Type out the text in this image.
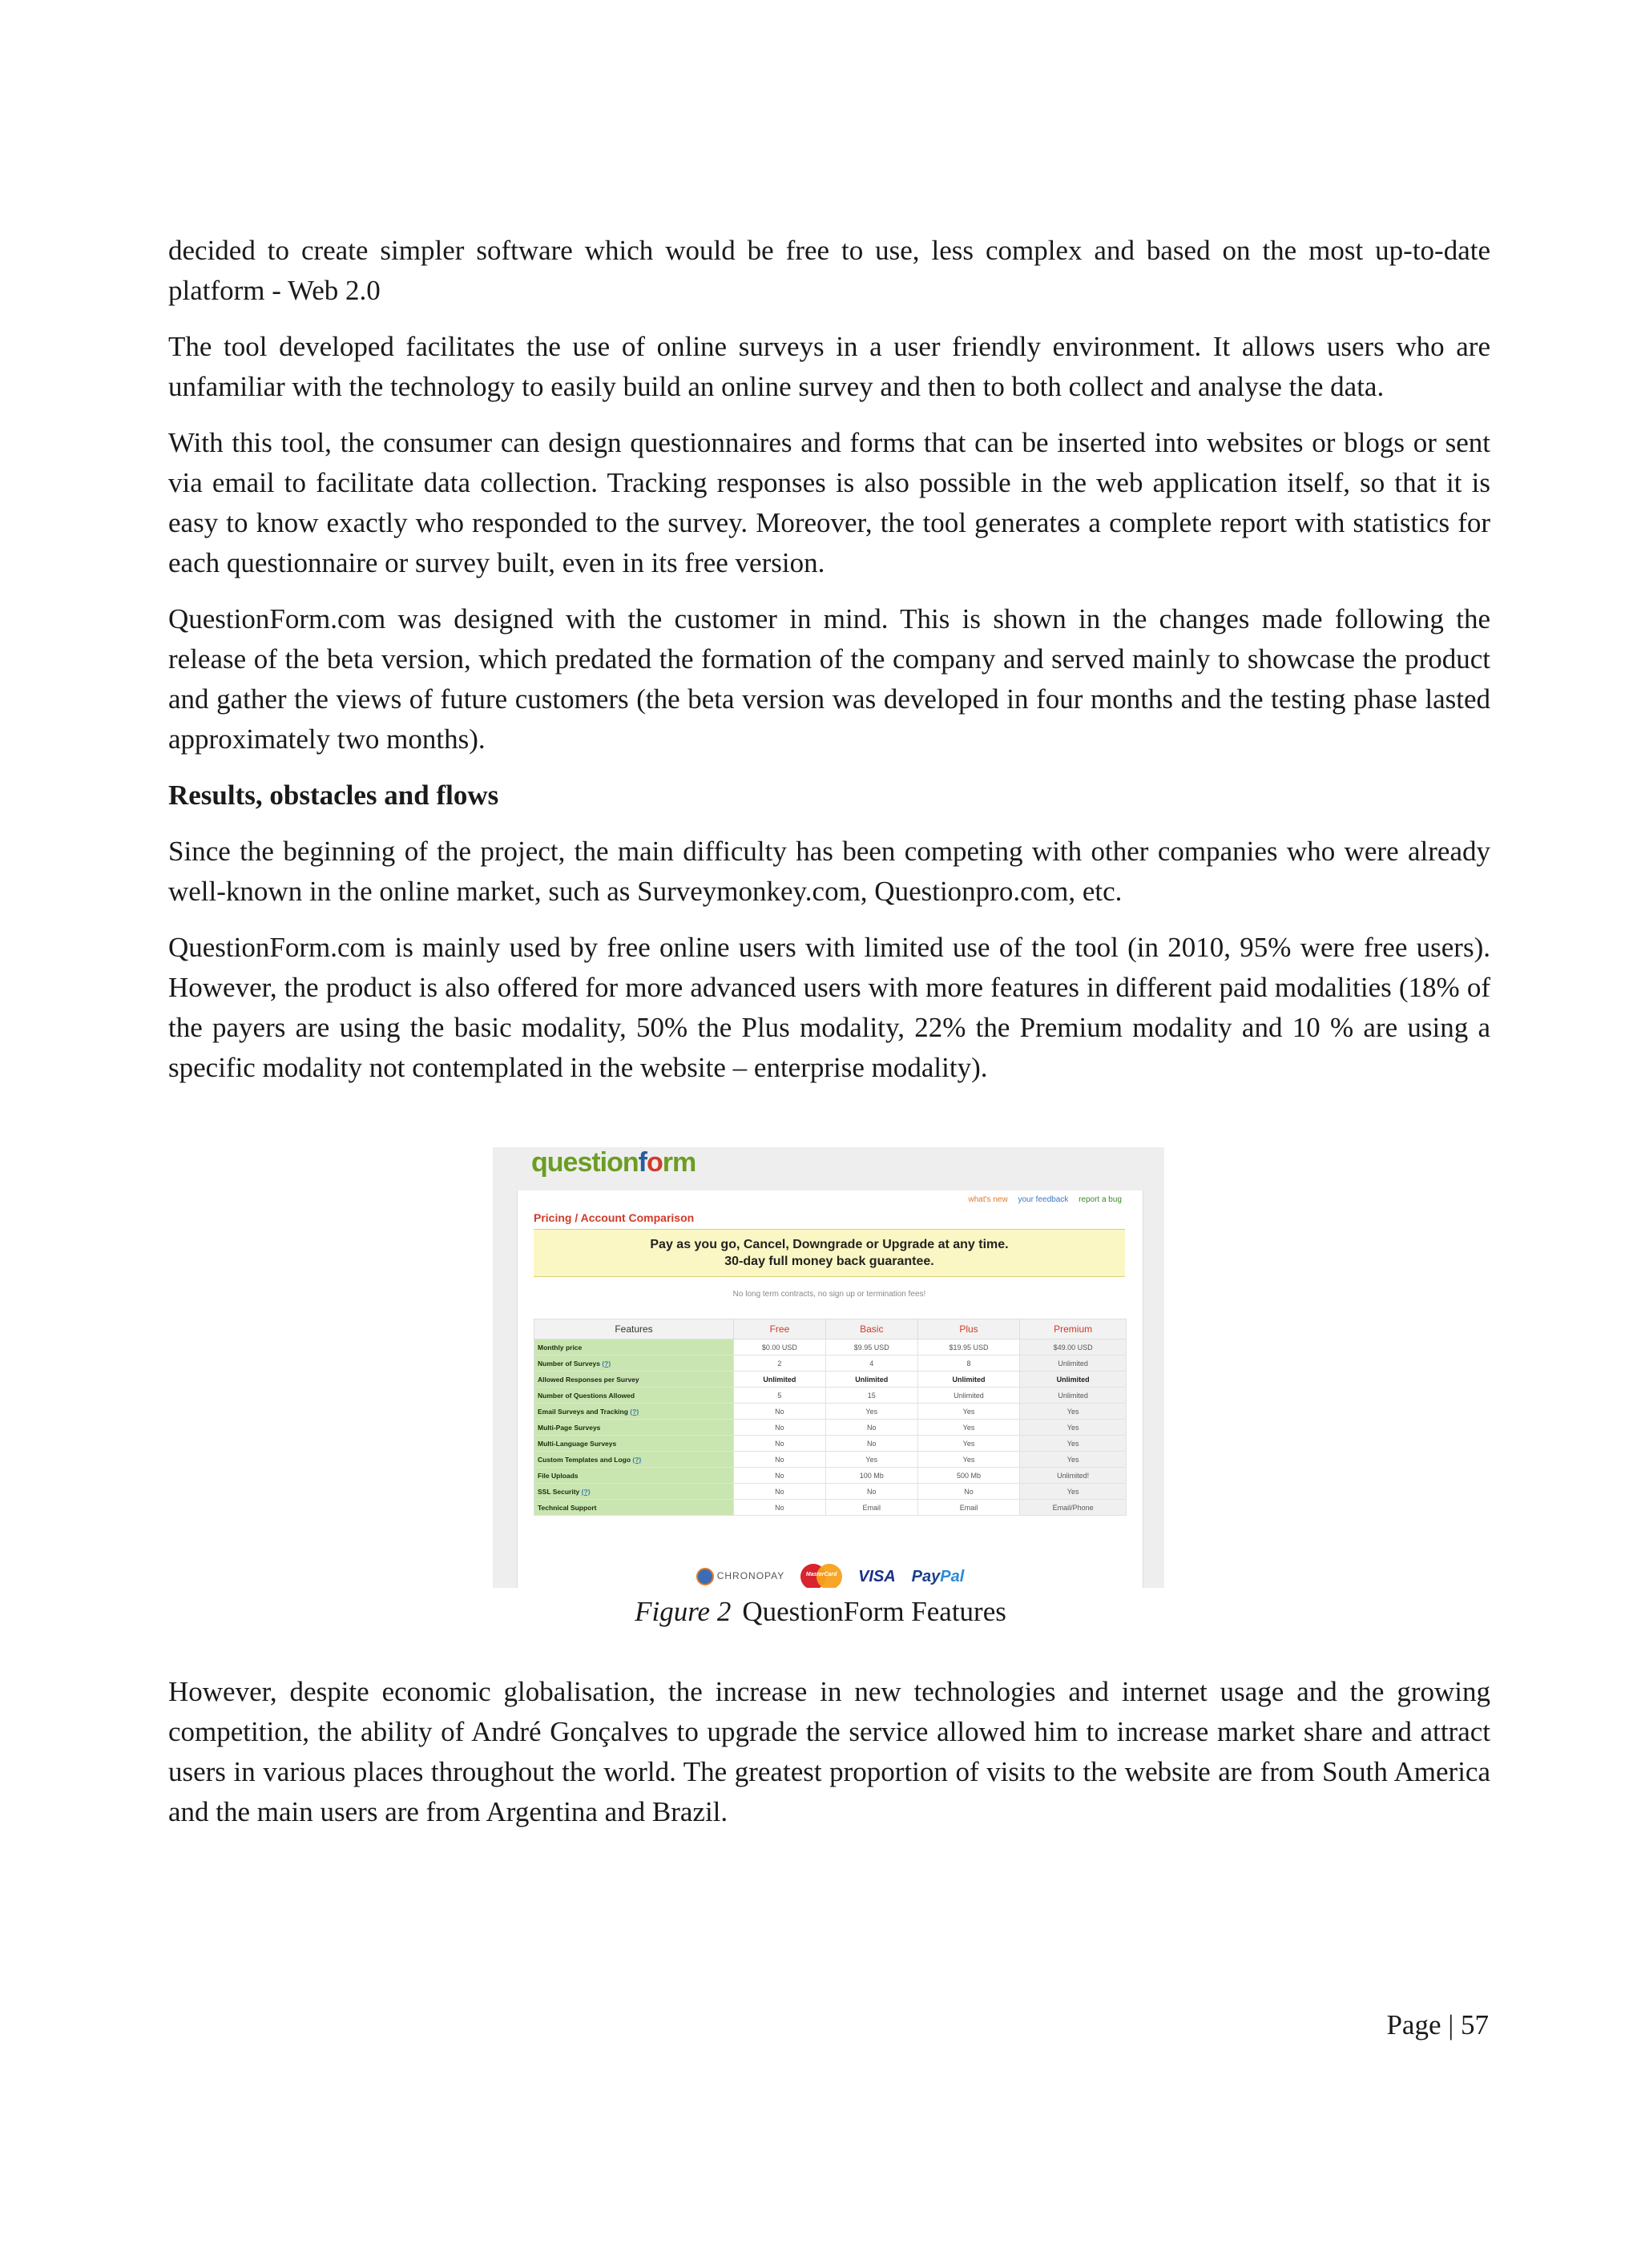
decided to create simpler software which would be free to use, less complex and based on the most up-to-date platform - Web 2.0

The tool developed facilitates the use of online surveys in a user friendly environment. It allows users who are unfamiliar with the technology to easily build an online survey and then to both collect and analyse the data.

With this tool, the consumer can design questionnaires and forms that can be inserted into websites or blogs or sent via email to facilitate data collection. Tracking responses is also possible in the web application itself, so that it is easy to know exactly who responded to the survey. Moreover, the tool generates a complete report with statistics for each questionnaire or survey built, even in its free version.

QuestionForm.com was designed with the customer in mind. This is shown in the changes made following the release of the beta version, which predated the formation of the company and served mainly to showcase the product and gather the views of future customers (the beta version was developed in four months and the testing phase lasted approximately two months).

Results, obstacles and flows

Since the beginning of the project, the main difficulty has been competing with other companies who were already well-known in the online market, such as Surveymonkey.com, Questionpro.com, etc.

QuestionForm.com is mainly used by free online users with limited use of the tool (in 2010, 95% were free users). However, the product is also offered for more advanced users with more features in different paid modalities (18% of the payers are using the basic modality, 50% the Plus modality, 22% the Premium modality and 10 % are using a specific modality not contemplated in the website – enterprise modality).

questionform
what's new your feedback report a bug
Pricing / Account Comparison
Pay as you go, Cancel, Downgrade or Upgrade at any time.
30-day full money back guarantee.
No long term contracts, no sign up or termination fees!
Features	Free	Basic	Plus	Premium
Monthly price	$0.00 USD	$9.95 USD	$19.95 USD	$49.00 USD
Number of Surveys (?)	2	4	8	Unlimited
Allowed Responses per Survey	Unlimited	Unlimited	Unlimited	Unlimited
Number of Questions Allowed	5	15	Unlimited	Unlimited
Email Surveys and Tracking (?)	No	Yes	Yes	Yes
Multi-Page Surveys	No	No	Yes	Yes
Multi-Language Surveys	No	No	Yes	Yes
Custom Templates and Logo (?)	No	Yes	Yes	Yes
File Uploads	No	100 Mb	500 Mb	Unlimited!
SSL Security (?)	No	No	No	Yes
Technical Support	No	Email	Email	Email/Phone
CHRONOPAY	MasterCard	VISA PayPal
Figure 2 QuestionForm Features

However, despite economic globalisation, the increase in new technologies and internet usage and the growing competition, the ability of André Gonçalves to upgrade the service allowed him to increase market share and attract users in various places throughout the world. The greatest proportion of visits to the website are from South America and the main users are from Argentina and Brazil.

Page | 57
